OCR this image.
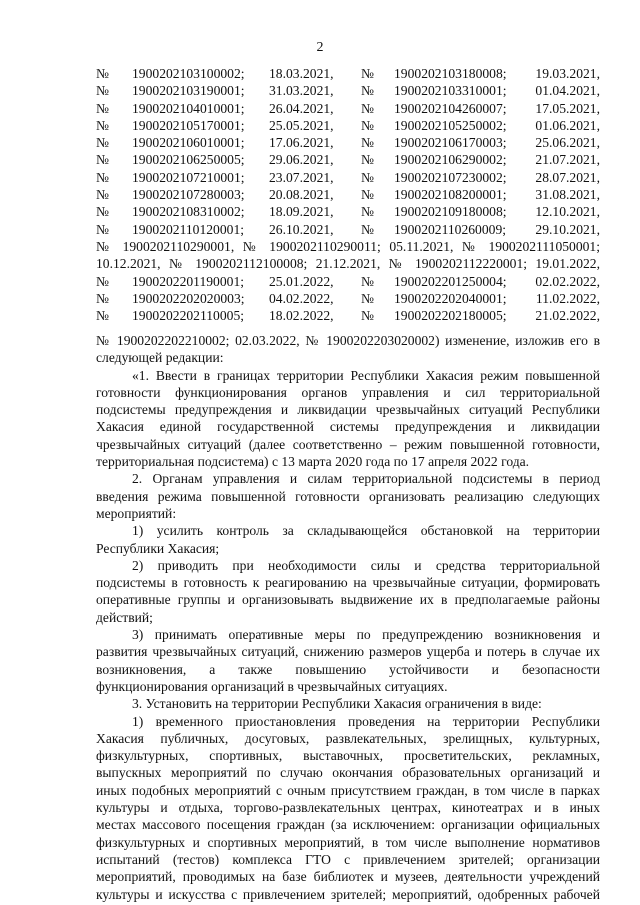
2
№ 1900202103100002; 18.03.2021, № 1900202103180008; 19.03.2021,
№ 1900202103190001; 31.03.2021, № 1900202103310001; 01.04.2021,
№ 1900202104010001; 26.04.2021, № 1900202104260007; 17.05.2021,
№ 1900202105170001; 25.05.2021, № 1900202105250002; 01.06.2021,
№ 1900202106010001; 17.06.2021, № 1900202106170003; 25.06.2021,
№ 1900202106250005; 29.06.2021, № 1900202106290002; 21.07.2021,
№ 1900202107210001; 23.07.2021, № 1900202107230002; 28.07.2021,
№ 1900202107280003; 20.08.2021, № 1900202108200001; 31.08.2021,
№ 1900202108310002; 18.09.2021, № 1900202109180008; 12.10.2021,
№ 1900202110120001; 26.10.2021, № 1900202110260009; 29.10.2021,
№ 1900202110290001, № 1900202110290011; 05.11.2021, № 1900202111050001;
10.12.2021, № 1900202112100008; 21.12.2021, № 1900202112220001; 19.01.2022,
№ 1900202201190001; 25.01.2022, № 1900202201250004; 02.02.2022,
№ 1900202202020003; 04.02.2022, № 1900202202040001; 11.02.2022,
№ 1900202202110005; 18.02.2022, № 1900202202180005; 21.02.2022,
№ 1900202202210002; 02.03.2022, № 1900202203020002) изменение, изложив его в
следующей редакции:
«1. Ввести в границах территории Республики Хакасия режим повышенной
готовности функционирования органов управления и сил территориальной
подсистемы предупреждения и ликвидации чрезвычайных ситуаций Республики
Хакасия единой государственной системы предупреждения и ликвидации
чрезвычайных ситуаций (далее соответственно – режим повышенной готовности,
территориальная подсистема) с 13 марта 2020 года по 17 апреля 2022 года.
2. Органам управления и силам территориальной подсистемы в период
введения режима повышенной готовности организовать реализацию следующих
мероприятий:
1) усилить контроль за складывающейся обстановкой на территории
Республики Хакасия;
2) приводить при необходимости силы и средства территориальной
подсистемы в готовность к реагированию на чрезвычайные ситуации, формировать
оперативные группы и организовывать выдвижение их в предполагаемые районы
действий;
3) принимать оперативные меры по предупреждению возникновения и
развития чрезвычайных ситуаций, снижению размеров ущерба и потерь в случае их
возникновения, а также повышению устойчивости и безопасности
функционирования организаций в чрезвычайных ситуациях.
3. Установить на территории Республики Хакасия ограничения в виде:
1) временного приостановления проведения на территории Республики
Хакасия публичных, досуговых, развлекательных, зрелищных, культурных,
физкультурных, спортивных, выставочных, просветительских, рекламных,
выпускных мероприятий по случаю окончания образовательных организаций и
иных подобных мероприятий с очным присутствием граждан, в том числе в парках
культуры и отдыха, торгово-развлекательных центрах, кинотеатрах и в иных
местах массового посещения граждан (за исключением: организации официальных
физкультурных и спортивных мероприятий, в том числе выполнение нормативов
испытаний (тестов) комплекса ГТО с привлечением зрителей; организации
мероприятий, проводимых на базе библиотек и музеев, деятельности учреждений
культуры и искусства с привлечением зрителей; мероприятий, одобренных рабочей
